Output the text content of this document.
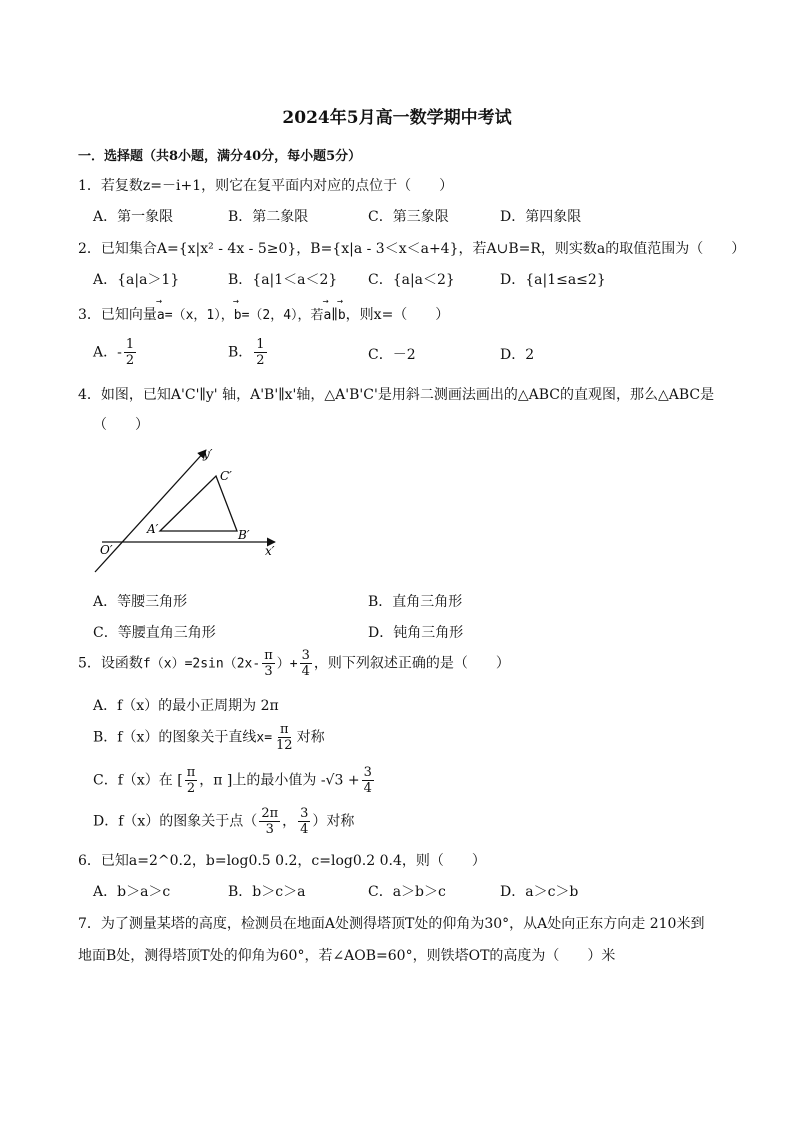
2024年5月高一数学期中考试
一．选择题（共8小题，满分40分，每小题5分）
1．若复数z=－i+1，则它在复平面内对应的点位于（　　）
A．第一象限	B．第二象限	C．第三象限	D．第四象限
2．已知集合A={x|x² - 4x - 5≥0}，B={x|a - 3＜x＜a+4}，若A∪B=R，则实数a的取值范围为（　　）
A．{a|a＞1}	B．{a|1＜a＜2} C．{a|a＜2}	D．{a|1≤a≤2}
3．已知向量→ a=（x，1），→ b=（2，4），若→ a∥→ b，则x=（　　）
A．- $\frac{1}{2}$	B． $\frac{1}{2}$	C．－2	D．2
4．如图，已知A'C'∥y' 轴，A'B'∥x'轴，△A'B'C'是用斜二测画法画出的△ABC的直观图，那么△ABC是
（　　）
y′
C′
A′	B′
O′	x′
A．等腰三角形	B．直角三角形
C．等腰直角三角形	D．钝角三角形
5．设函数$f(x)=2\sin(2x- \frac{\pi}{3}$ ）+ $\frac{3}{4}$ ，则下列叙述正确的是（　　）
A．f（x）的最小正周期为 2π
B．f（x）的图象关于直线$x= \frac{\pi}{12}$ 对称
C．f（x）在 [ $\frac{\pi}{2}$ ，π ]上的最小值为 $-√3 + \frac{3}{4}$
D．f（x）的图象关于点（ $\frac{2\pi}{3}$ ， $\frac{3}{4}$ ）对称
6．已知a=2^0.2，b=log0.5 0.2，c=log0.2 0.4，则（　　）
A．b＞a＞c	B．b＞c＞a	C．a＞b＞c	D．a＞c＞b
7．为了测量某塔的高度，检测员在地面A处测得塔顶T处的仰角为30°，从A处向正东方向走 210米到
地面B处，测得塔顶T处的仰角为60°，若∠AOB=60°，则铁塔OT的高度为（　　）米
